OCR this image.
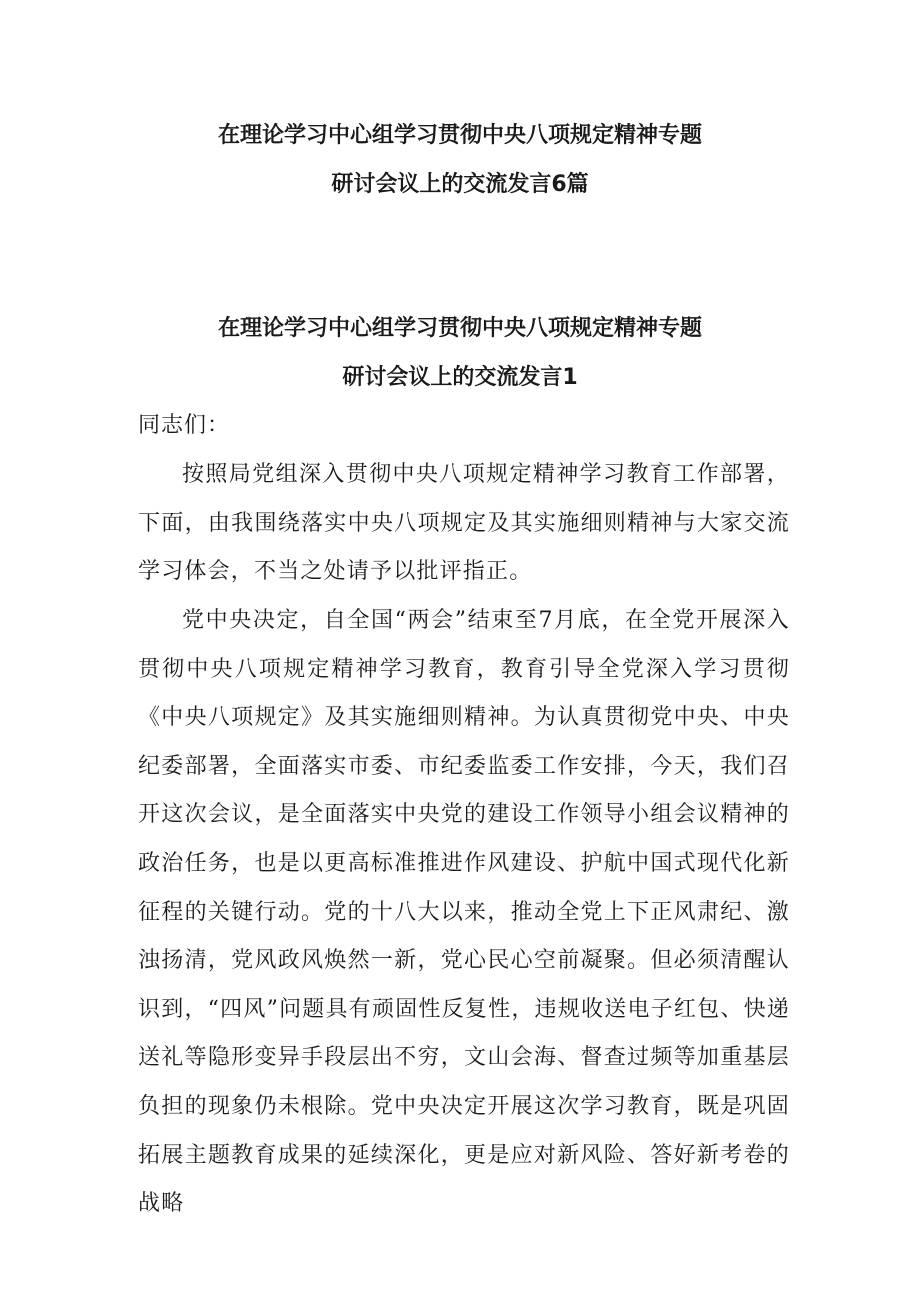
在理论学习中心组学习贯彻中央八项规定精神专题
研讨会议上的交流发言6篇
在理论学习中心组学习贯彻中央八项规定精神专题
研讨会议上的交流发言1
同志们：

按照局党组深入贯彻中央八项规定精神学习教育工作部署，下面，由我围绕落实中央八项规定及其实施细则精神与大家交流学习体会，不当之处请予以批评指正。

党中央决定，自全国“两会”结束至7月底，在全党开展深入贯彻中央八项规定精神学习教育，教育引导全党深入学习贯彻《中央八项规定》及其实施细则精神。为认真贯彻党中央、中央纪委部署，全面落实市委、市纪委监委工作安排，今天，我们召开这次会议，是全面落实中央党的建设工作领导小组会议精神的政治任务，也是以更高标准推进作风建设、护航中国式现代化新征程的关键行动。党的十八大以来，推动全党上下正风肃纪、激浊扬清，党风政风焕然一新，党心民心空前凝聚。但必须清醒认识到，“四风”问题具有顽固性反复性，违规收送电子红包、快递送礼等隐形变异手段层出不穷，文山会海、督查过频等加重基层负担的现象仍未根除。党中央决定开展这次学习教育，既是巩固拓展主题教育成果的延续深化，更是应对新风险、答好新考卷的战略
